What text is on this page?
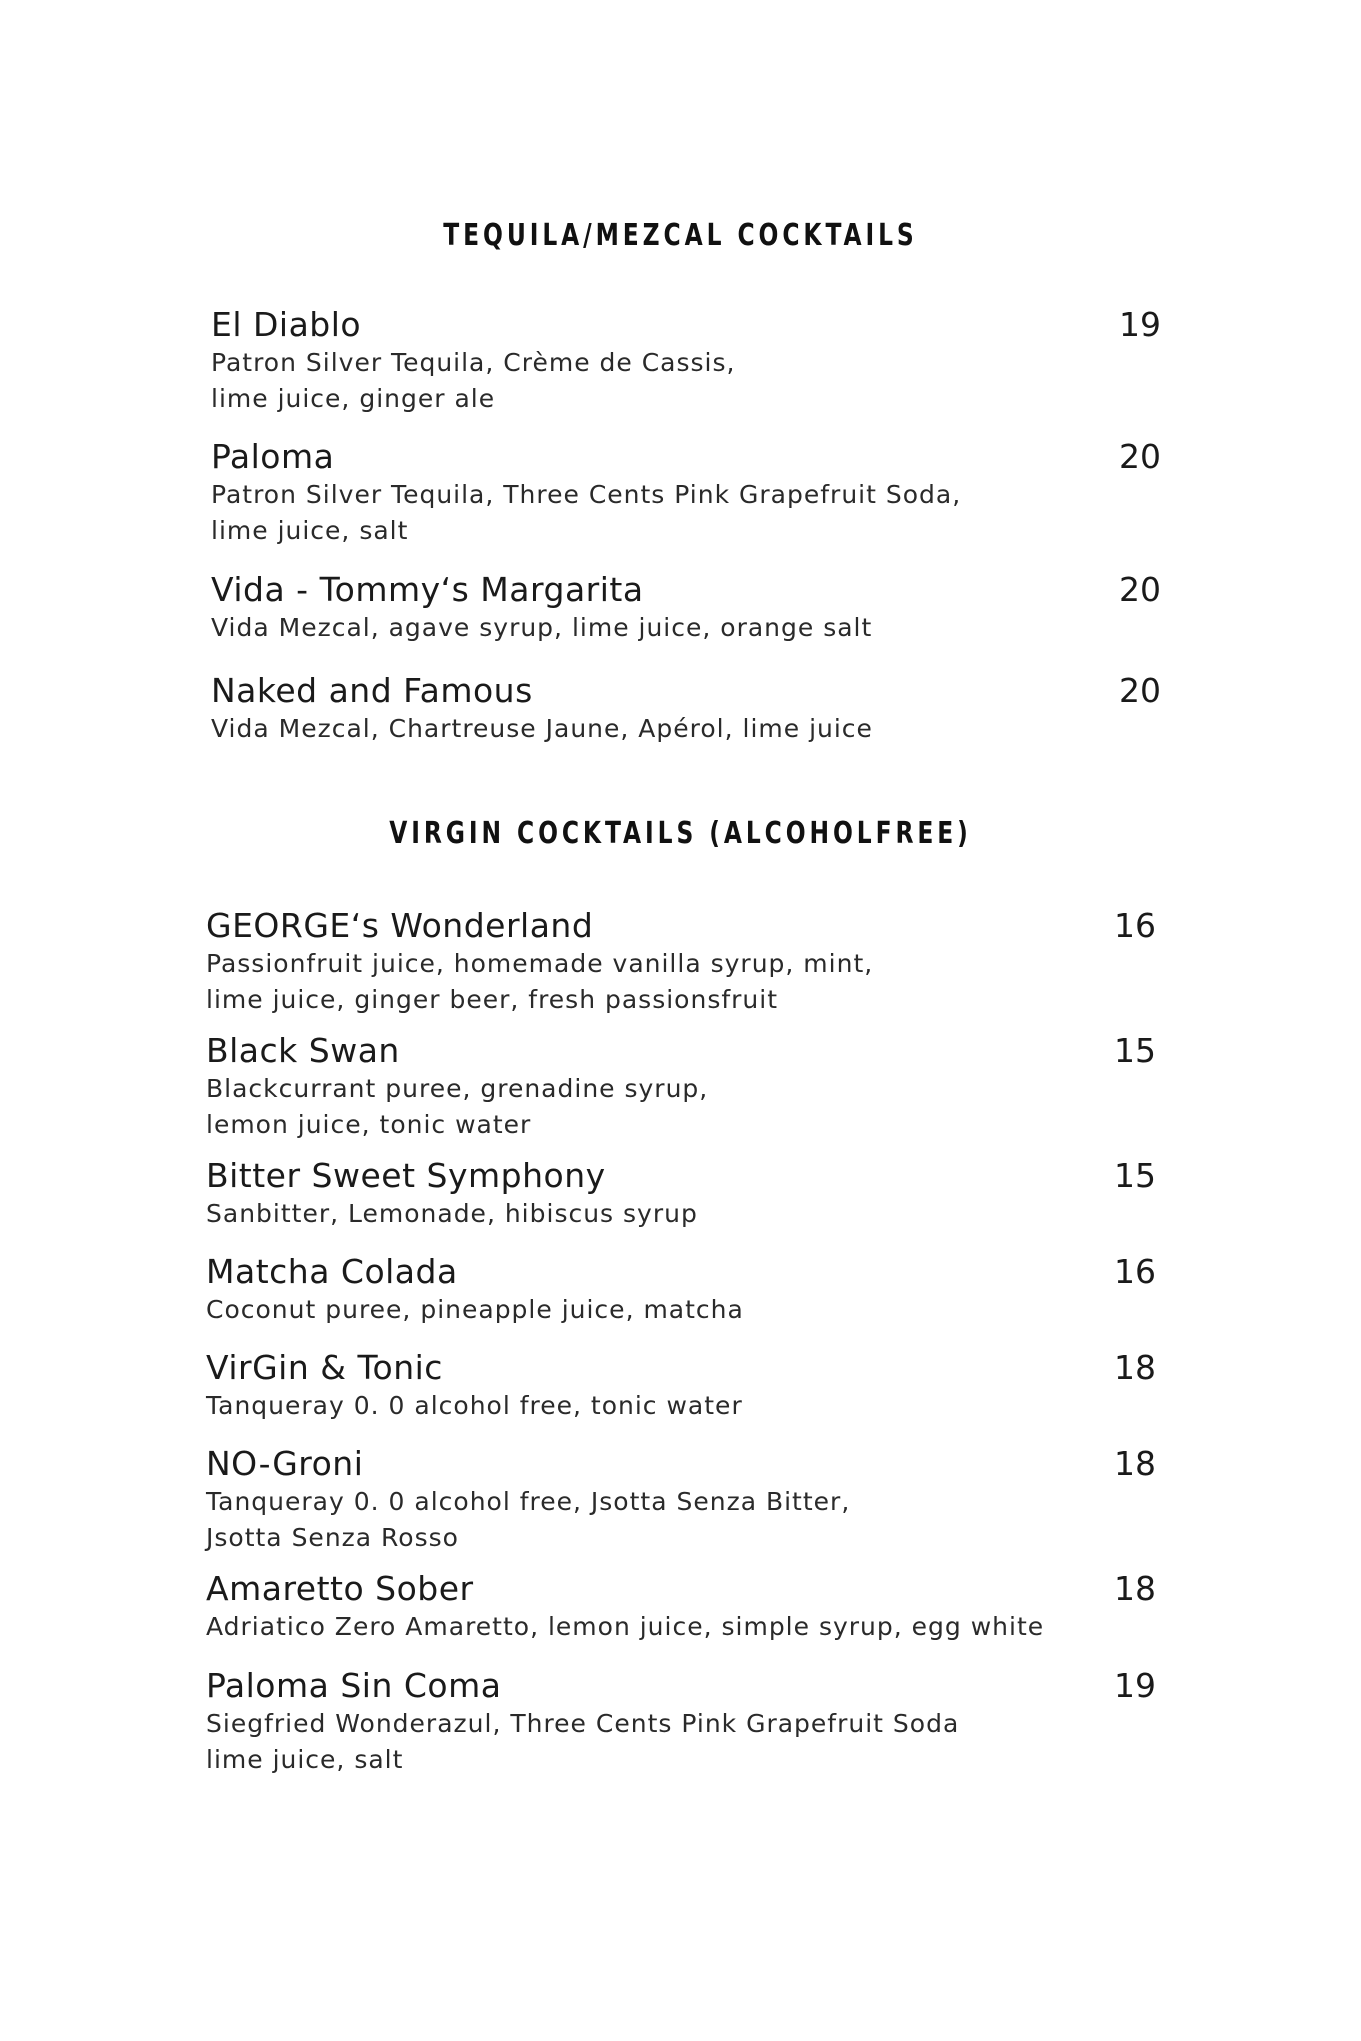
TEQUILA/MEZCAL COCKTAILS
El Diablo	19
Patron Silver Tequila, Crème de Cassis,
lime juice, ginger ale
Paloma	20
Patron Silver Tequila, Three Cents Pink Grapefruit Soda,
lime juice, salt
Vida - Tommy‘s Margarita	20
Vida Mezcal, agave syrup, lime juice, orange salt
Naked and Famous	20
Vida Mezcal, Chartreuse Jaune, Apérol, lime juice
VIRGIN COCKTAILS (ALCOHOLFREE)
GEORGE‘s Wonderland	16
Passionfruit juice, homemade vanilla syrup, mint,
lime juice, ginger beer, fresh passionsfruit
Black Swan	15
Blackcurrant puree, grenadine syrup,
lemon juice, tonic water
Bitter Sweet Symphony	15
Sanbitter, Lemonade, hibiscus syrup
Matcha Colada	16
Coconut puree, pineapple juice, matcha
VirGin & Tonic	18
Tanqueray 0. 0 alcohol free, tonic water
NO-Groni	18
Tanqueray 0. 0 alcohol free, Jsotta Senza Bitter,
Jsotta Senza Rosso
Amaretto Sober	18
Adriatico Zero Amaretto, lemon juice, simple syrup, egg white
Paloma Sin Coma	19
Siegfried Wonderazul, Three Cents Pink Grapefruit Soda
lime juice, salt
